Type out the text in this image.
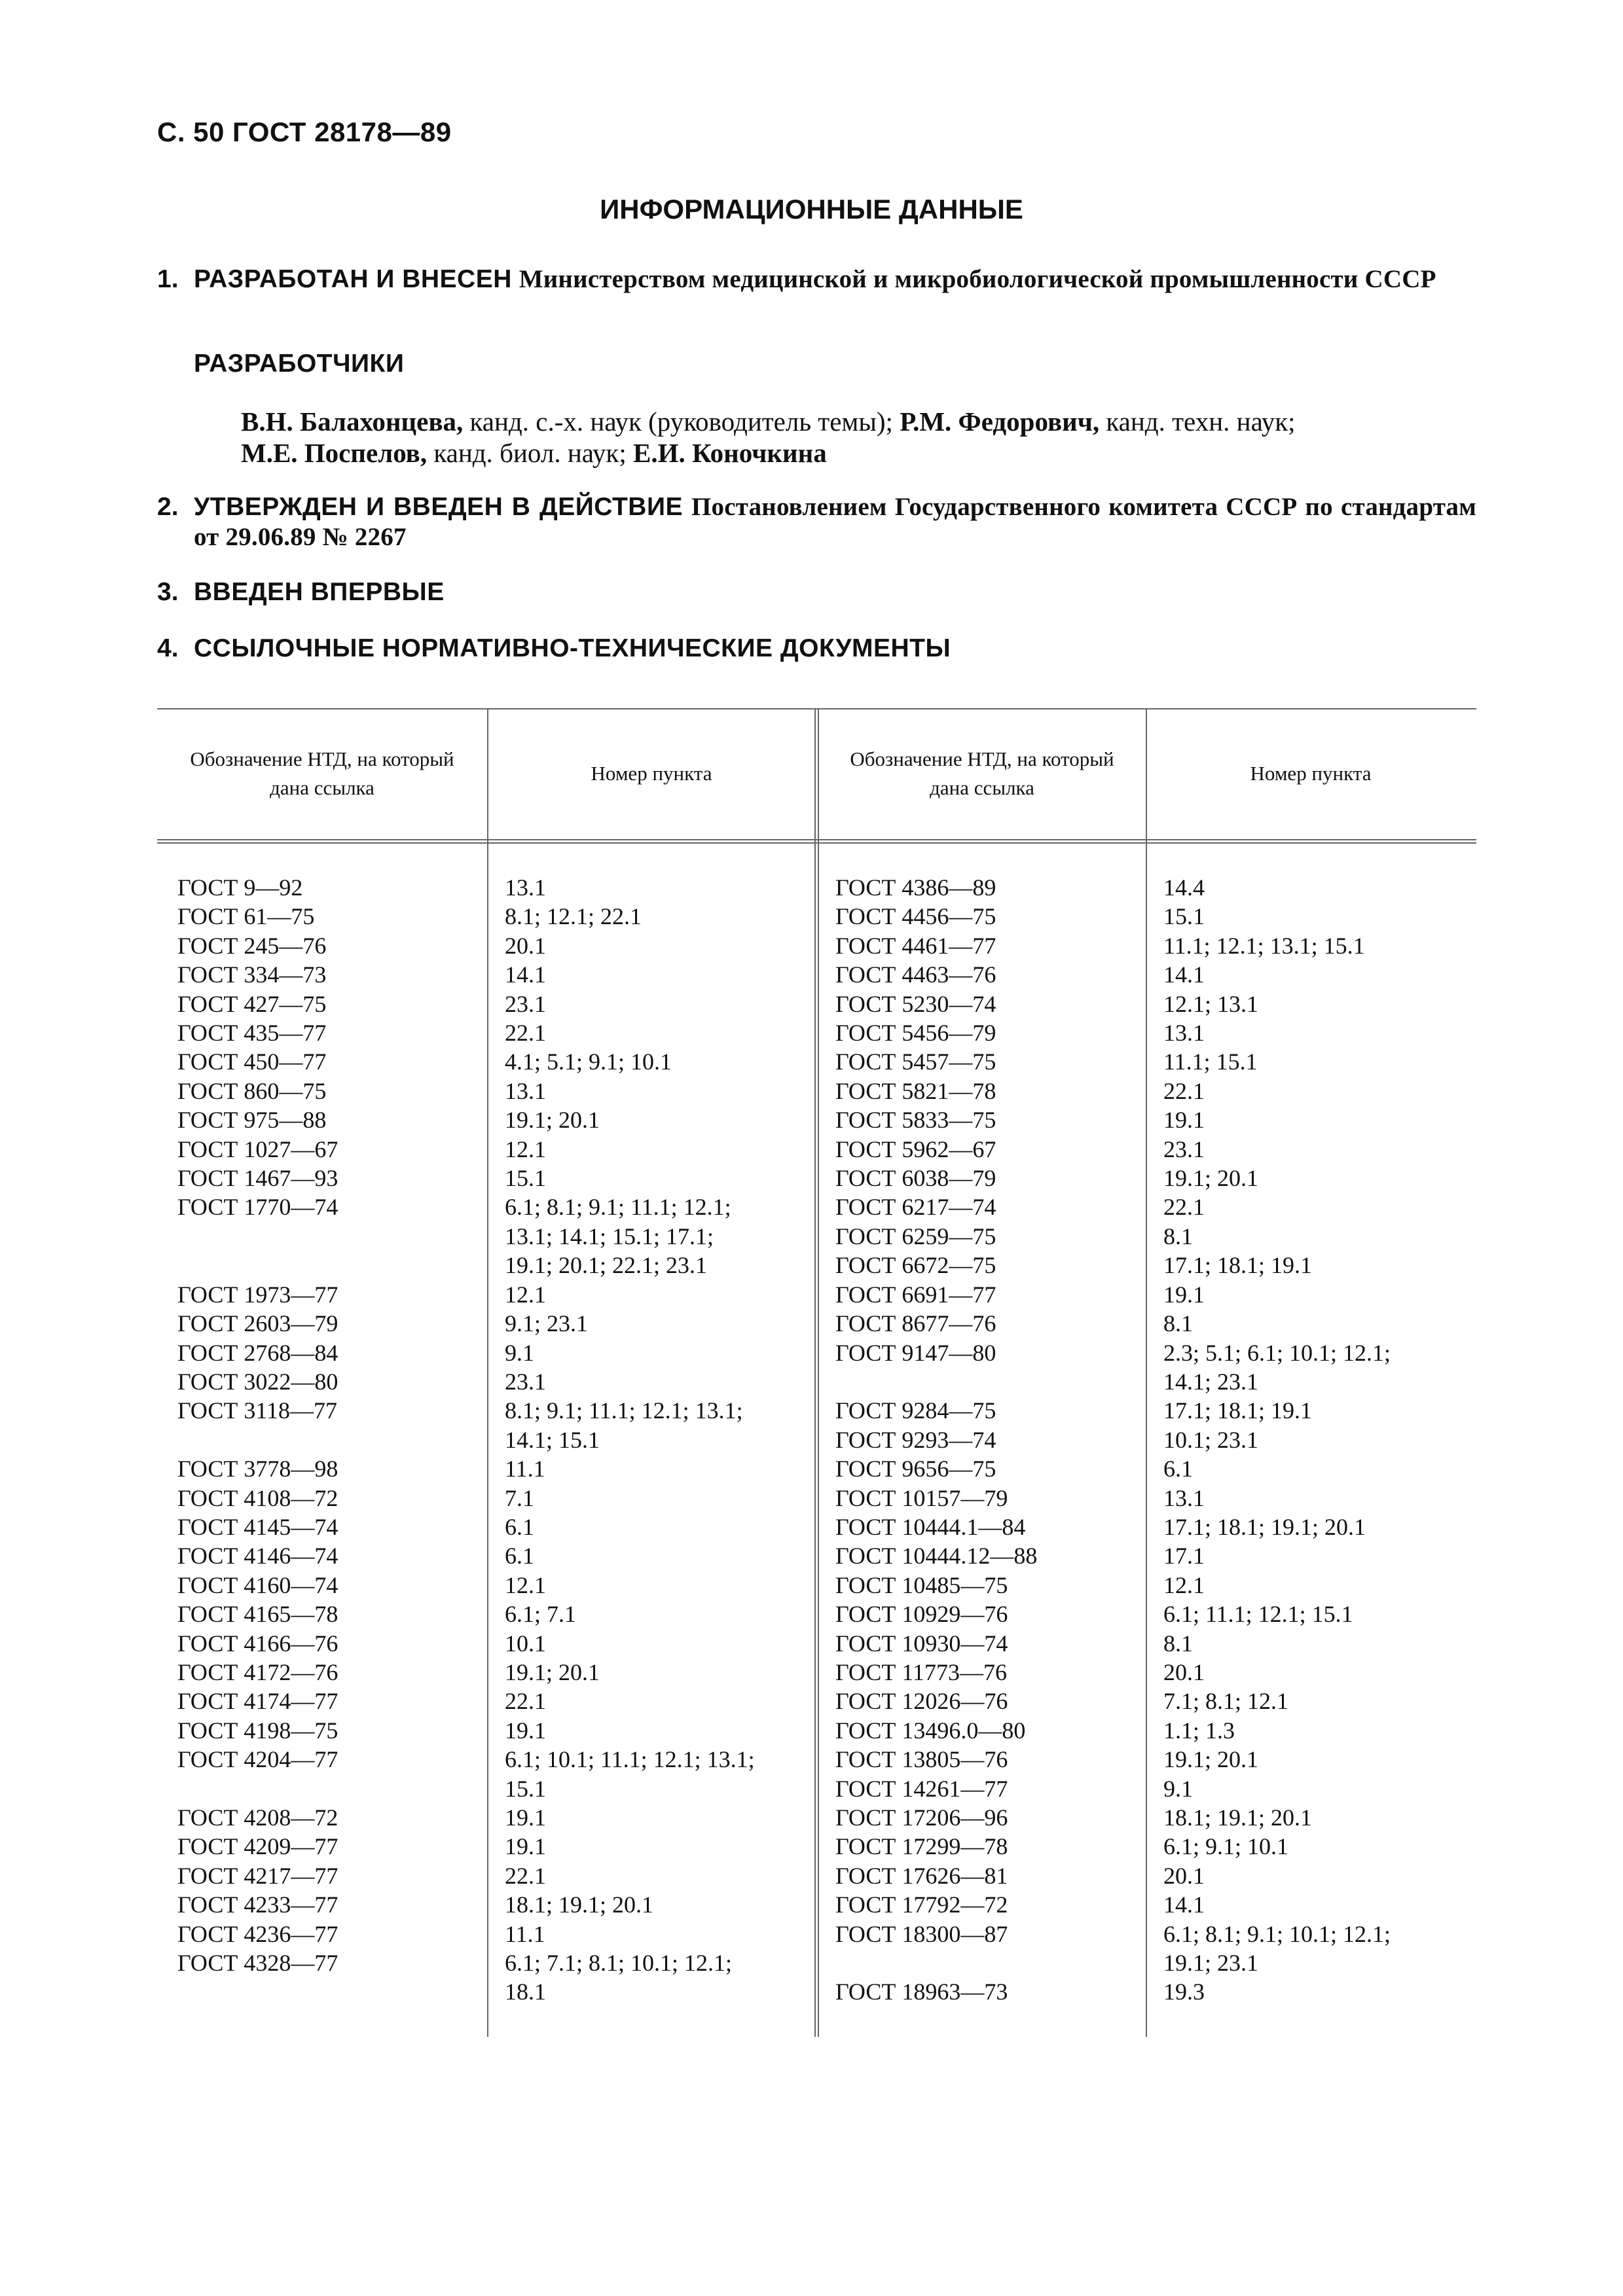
С. 50 ГОСТ 28178—89
ИНФОРМАЦИОННЫЕ ДАННЫЕ
1. РАЗРАБОТАН И ВНЕСЕН Министерством медицинской и микробиологической промышленности СССР
РАЗРАБОТЧИКИ
В.Н. Балахонцева, канд. с.-х. наук (руководитель темы); Р.М. Федорович, канд. техн. наук;
М.Е. Поспелов, канд. биол. наук; Е.И. Коночкина
2. УТВЕРЖДЕН И ВВЕДЕН В ДЕЙСТВИЕ Постановлением Государственного комитета СССР по стандартам от 29.06.89 № 2267
3. ВВЕДЕН ВПЕРВЫЕ
4. ССЫЛОЧНЫЕ НОРМАТИВНО-ТЕХНИЧЕСКИЕ ДОКУМЕНТЫ
Обозначение НТД, на который дана ссылка
Номер пункта
Обозначение НТД, на который дана ссылка
Номер пункта
ГОСТ 9—92
ГОСТ 61—75
ГОСТ 245—76
ГОСТ 334—73
ГОСТ 427—75
ГОСТ 435—77
ГОСТ 450—77
ГОСТ 860—75
ГОСТ 975—88
ГОСТ 1027—67
ГОСТ 1467—93
ГОСТ 1770—74

ГОСТ 1973—77
ГОСТ 2603—79
ГОСТ 2768—84
ГОСТ 3022—80
ГОСТ 3118—77

ГОСТ 3778—98
ГОСТ 4108—72
ГОСТ 4145—74
ГОСТ 4146—74
ГОСТ 4160—74
ГОСТ 4165—78
ГОСТ 4166—76
ГОСТ 4172—76
ГОСТ 4174—77
ГОСТ 4198—75
ГОСТ 4204—77

ГОСТ 4208—72
ГОСТ 4209—77
ГОСТ 4217—77
ГОСТ 4233—77
ГОСТ 4236—77
ГОСТ 4328—77

13.1
8.1; 12.1; 22.1
20.1
14.1
23.1
22.1
4.1; 5.1; 9.1; 10.1
13.1
19.1; 20.1
12.1
15.1
6.1; 8.1; 9.1; 11.1; 12.1;
13.1; 14.1; 15.1; 17.1;
19.1; 20.1; 22.1; 23.1
12.1
9.1; 23.1
9.1
23.1
8.1; 9.1; 11.1; 12.1; 13.1;
14.1; 15.1
11.1
7.1
6.1
6.1
12.1
6.1; 7.1
10.1
19.1; 20.1
22.1
19.1
6.1; 10.1; 11.1; 12.1; 13.1;
15.1
19.1
19.1
22.1
18.1; 19.1; 20.1
11.1
6.1; 7.1; 8.1; 10.1; 12.1;
18.1
ГОСТ 4386—89
ГОСТ 4456—75
ГОСТ 4461—77
ГОСТ 4463—76
ГОСТ 5230—74
ГОСТ 5456—79
ГОСТ 5457—75
ГОСТ 5821—78
ГОСТ 5833—75
ГОСТ 5962—67
ГОСТ 6038—79
ГОСТ 6217—74
ГОСТ 6259—75
ГОСТ 6672—75
ГОСТ 6691—77
ГОСТ 8677—76
ГОСТ 9147—80

ГОСТ 9284—75
ГОСТ 9293—74
ГОСТ 9656—75
ГОСТ 10157—79
ГОСТ 10444.1—84
ГОСТ 10444.12—88
ГОСТ 10485—75
ГОСТ 10929—76
ГОСТ 10930—74
ГОСТ 11773—76
ГОСТ 12026—76
ГОСТ 13496.0—80
ГОСТ 13805—76
ГОСТ 14261—77
ГОСТ 17206—96
ГОСТ 17299—78
ГОСТ 17626—81
ГОСТ 17792—72
ГОСТ 18300—87

ГОСТ 18963—73
14.4
15.1
11.1; 12.1; 13.1; 15.1
14.1
12.1; 13.1
13.1
11.1; 15.1
22.1
19.1
23.1
19.1; 20.1
22.1
8.1
17.1; 18.1; 19.1
19.1
8.1
2.3; 5.1; 6.1; 10.1; 12.1;
14.1; 23.1
17.1; 18.1; 19.1
10.1; 23.1
6.1
13.1
17.1; 18.1; 19.1; 20.1
17.1
12.1
6.1; 11.1; 12.1; 15.1
8.1
20.1
7.1; 8.1; 12.1
1.1; 1.3
19.1; 20.1
9.1
18.1; 19.1; 20.1
6.1; 9.1; 10.1
20.1
14.1
6.1; 8.1; 9.1; 10.1; 12.1;
19.1; 23.1
19.3
